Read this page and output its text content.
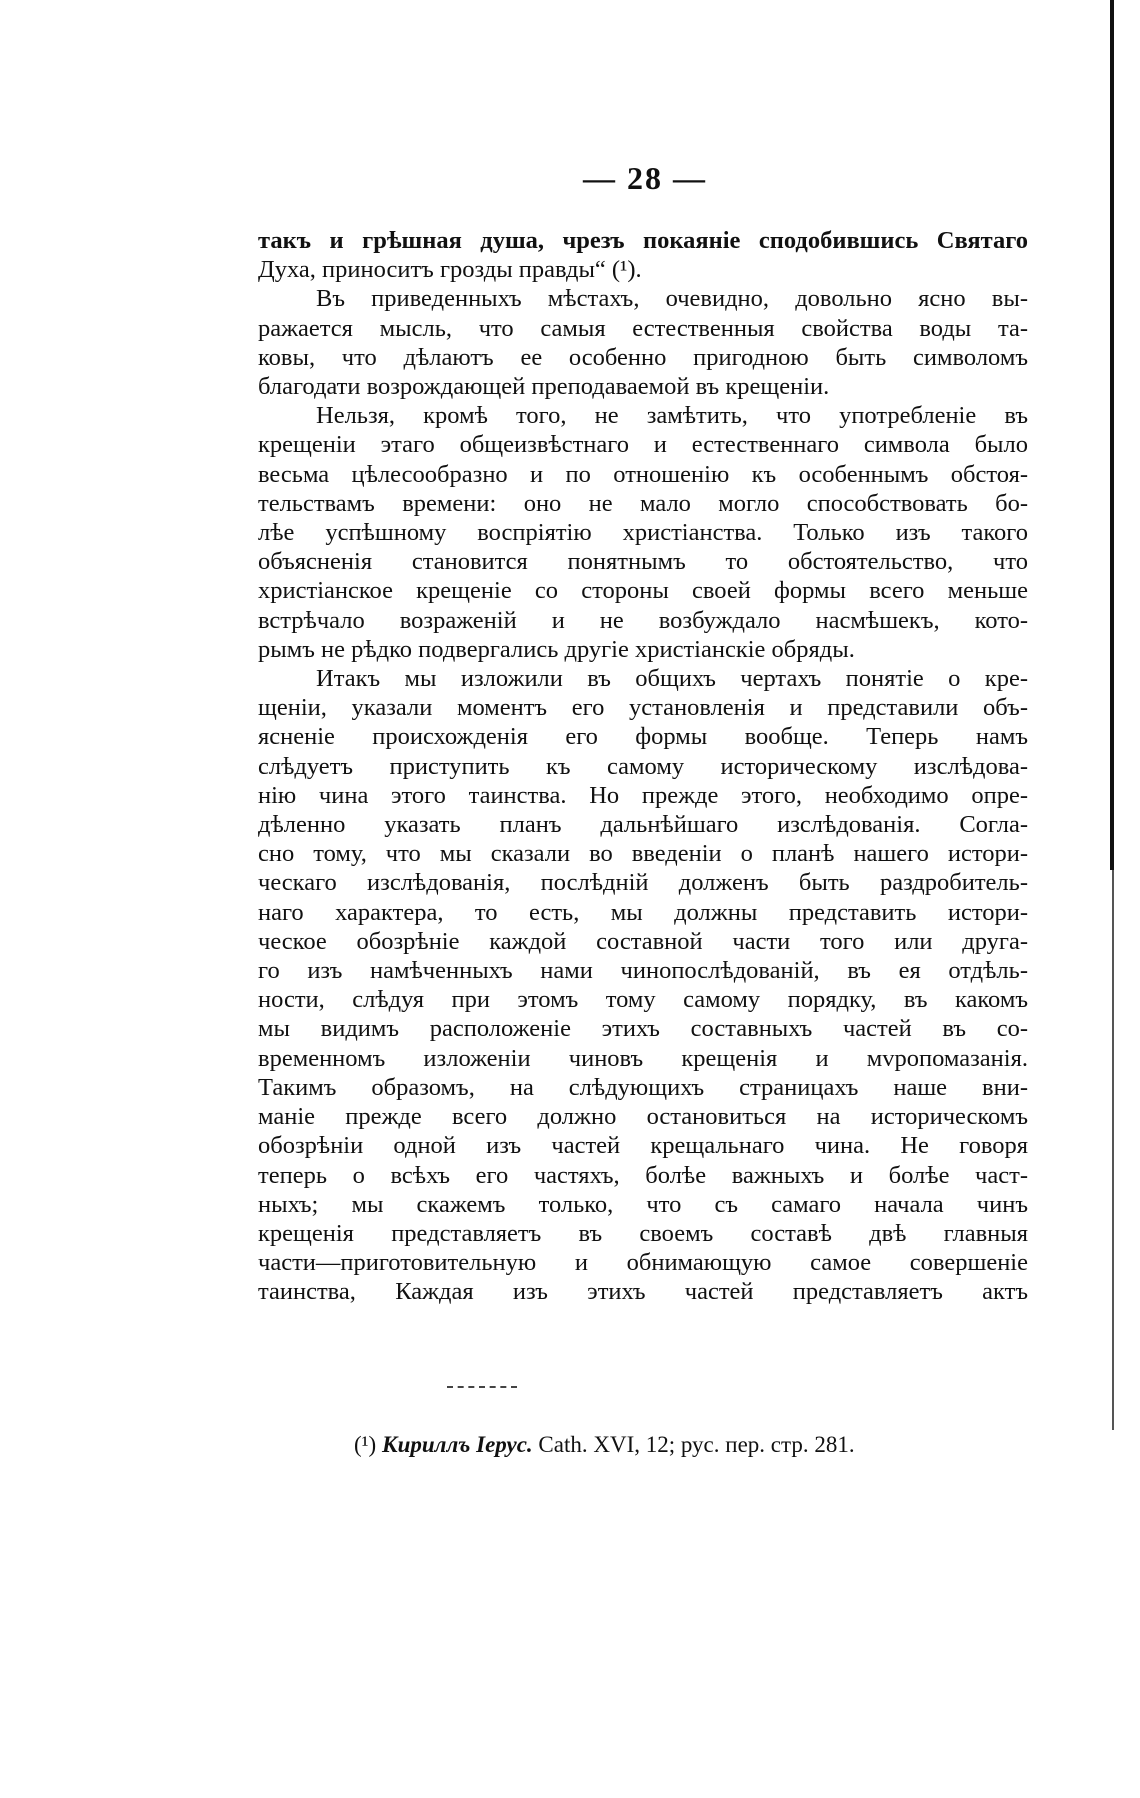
— 28 —
такъ и грѣшная душа, чрезъ покаяніе сподобившись Святаго
Духа, приноситъ грозды правды“ (¹).
Въ приведенныхъ мѣстахъ, очевидно, довольно ясно вы-
ражается мысль, что самыя естественныя свойства воды та-
ковы, что дѣлаютъ ее особенно пригодною быть символомъ
благодати возрождающей преподаваемой въ крещеніи.
Нельзя, кромѣ того, не замѣтить, что употребленіе въ
крещеніи этаго общеизвѣстнаго и естественнаго символа было
весьма цѣлесообразно и по отношенію къ особеннымъ обстоя-
тельствамъ времени: оно не мало могло способствовать бо-
лѣе успѣшному воспріятію христіанства. Только изъ такого
объясненія становится понятнымъ то обстоятельство, что
христіанское крещеніе со стороны своей формы всего меньше
встрѣчало возраженій и не возбуждало насмѣшекъ, кото-
рымъ не рѣдко подвергались другіе христіанскіе обряды.
Итакъ мы изложили въ общихъ чертахъ понятіе о кре-
щеніи, указали моментъ его установленія и представили объ-
ясненіе происхожденія его формы вообще. Теперь намъ
слѣдуетъ приступить къ самому историческому изслѣдова-
нію чина этого таинства. Но прежде этого, необходимо опре-
дѣленно указать планъ дальнѣйшаго изслѣдованія. Согла-
сно тому, что мы сказали во введеніи о планѣ нашего истори-
ческаго изслѣдованія, послѣдній долженъ быть раздробитель-
наго характера, то есть, мы должны представить истори-
ческое обозрѣніе каждой составной части того или друга-
го изъ намѣченныхъ нами чинопослѣдованій, въ ея отдѣль-
ности, слѣдуя при этомъ тому самому порядку, въ какомъ
мы видимъ расположеніе этихъ составныхъ частей въ со-
временномъ изложеніи чиновъ крещенія и мvропомазанія.
Такимъ образомъ, на слѣдующихъ страницахъ наше вни-
маніе прежде всего должно остановиться на историческомъ
обозрѣніи одной изъ частей крещальнаго чина. Не говоря
теперь о всѣхъ его частяхъ, болѣе важныхъ и болѣе част-
ныхъ; мы скажемъ только, что съ самаго начала чинъ
крещенія представляетъ въ своемъ составѣ двѣ главныя
части—приготовительную и обнимающую самое совершеніе
таинства, Каждая изъ этихъ частей представляетъ актъ
(¹) Кириллъ Іерус. Cath. XVI, 12; рус. пер. стр. 281.
